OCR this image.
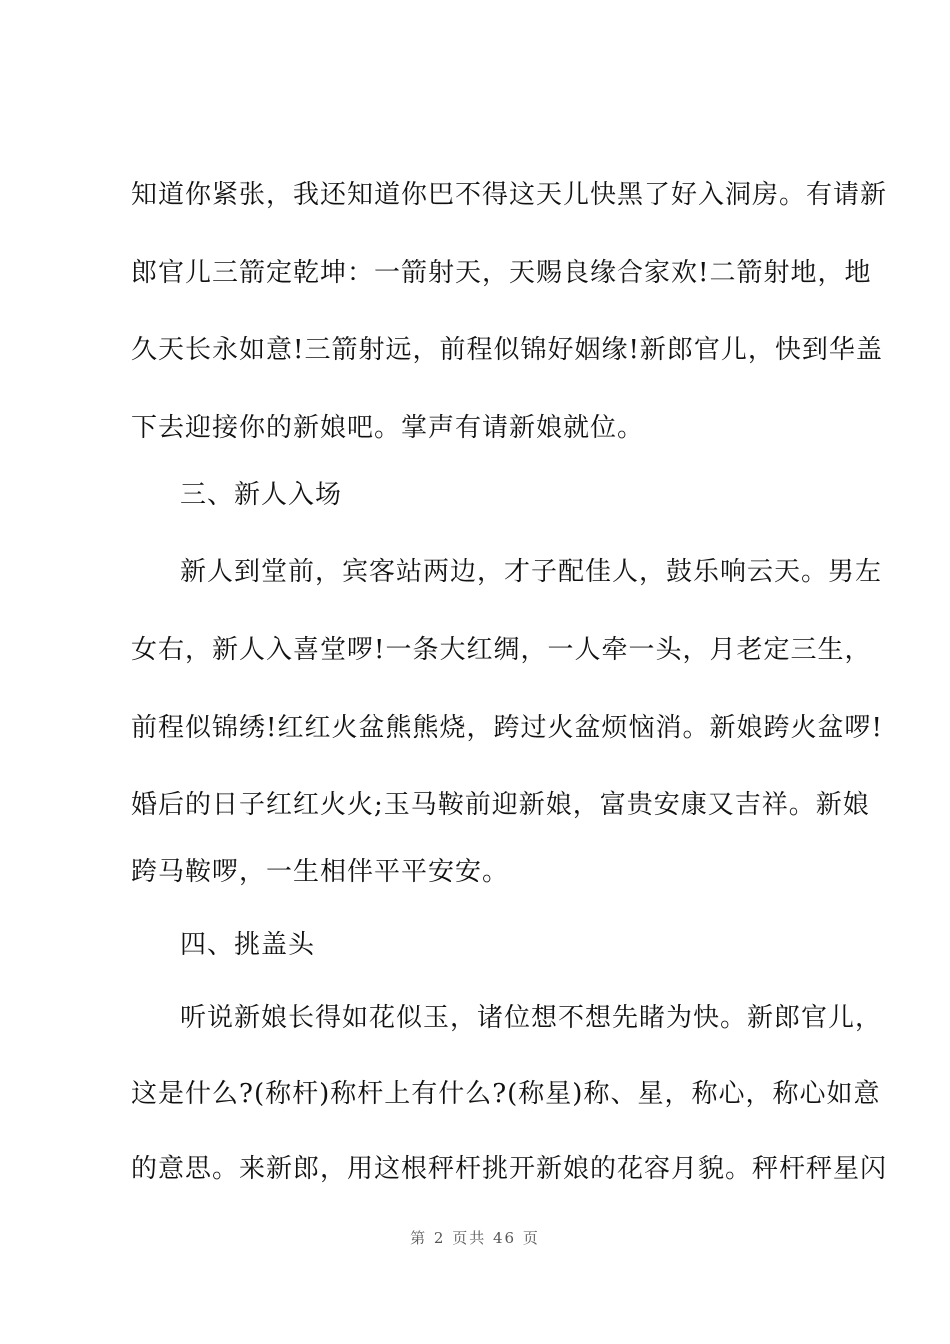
知道你紧张，我还知道你巴不得这天儿快黑了好入洞房。有请新
郎官儿三箭定乾坤：一箭射天，天赐良缘合家欢!二箭射地，地
久天长永如意!三箭射远，前程似锦好姻缘!新郎官儿，快到华盖
下去迎接你的新娘吧。掌声有请新娘就位。
三、新人入场
新人到堂前，宾客站两边，才子配佳人，鼓乐响云天。男左
女右，新人入喜堂啰!一条大红绸，一人牵一头，月老定三生，
前程似锦绣!红红火盆熊熊烧，跨过火盆烦恼消。新娘跨火盆啰!
婚后的日子红红火火;玉马鞍前迎新娘，富贵安康又吉祥。新娘
跨马鞍啰，一生相伴平平安安。
四、挑盖头
听说新娘长得如花似玉，诸位想不想先睹为快。新郎官儿，
这是什么?(称杆)称杆上有什么?(称星)称、星，称心，称心如意
的意思。来新郎，用这根秤杆挑开新娘的花容月貌。秤杆秤星闪
第 2 页共 46 页
